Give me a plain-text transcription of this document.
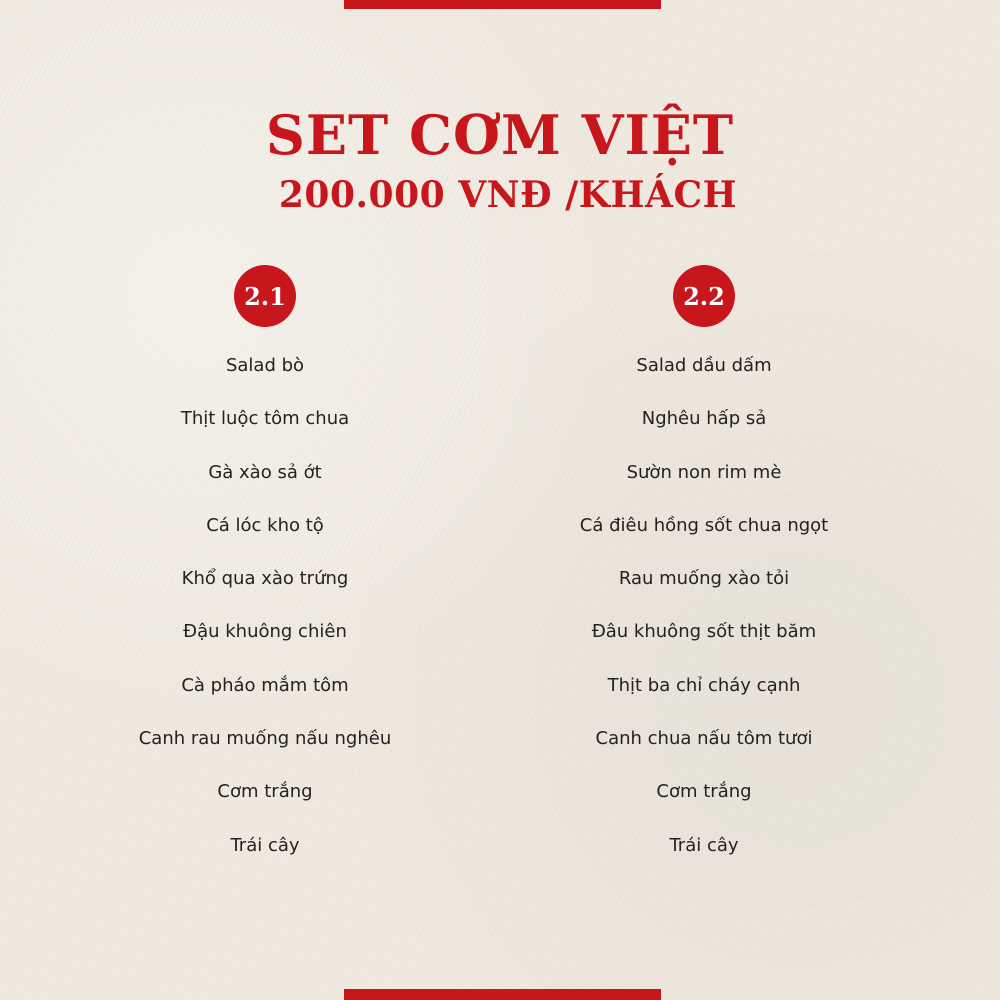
SET CƠM VIỆT
200.000 VNĐ /KHÁCH
2.1
Salad bò
Thịt luộc tôm chua
Gà xào sả ớt
Cá lóc kho tộ
Khổ qua xào trứng
Đậu khuông chiên
Cà pháo mắm tôm
Canh rau muống nấu nghêu
Cơm trắng
Trái cây
2.2
Salad dầu dấm
Nghêu hấp sả
Sườn non rim mè
Cá điêu hồng sốt chua ngọt
Rau muống xào tỏi
Đâu khuông sốt thịt băm
Thịt ba chỉ cháy cạnh
Canh chua nấu tôm tươi
Cơm trắng
Trái cây
